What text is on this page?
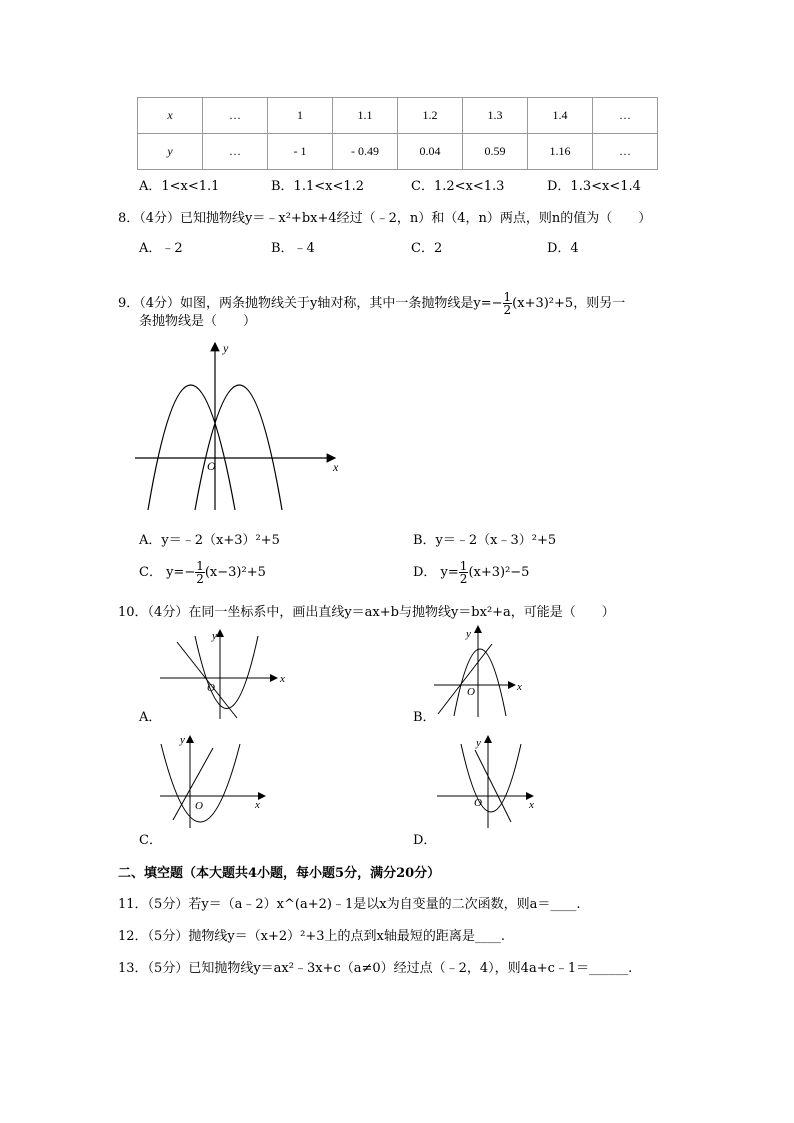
x	…	1	1.1	1.2	1.3	1.4	…
y	…	- 1	- 0.49	0.04	0.59	1.16	…
A．1<x<1.1	B．1.1<x<1.2	C．1.2<x<1.3	D．1.3<x<1.4
8．（4分）已知抛物线y＝﹣x²+bx+4经过（﹣2，n）和（4，n）两点，则n的值为（　　）
A．﹣2	B．﹣4	C．2	D．4
9．（4分）如图，两条抛物线关于y轴对称，其中一条抛物线是$y=- \frac{1}{2} (x+3)^2+5$，则另一
条抛物线是（　　）
y
x
O
A．y＝﹣2（x+3）²+5	B．y＝﹣2（x﹣3）²+5
C． $y=- \frac{1}{2} (x-3)^2+5$	D． $y= \frac{1}{2} (x+3)^2-5$
10．（4分）在同一坐标系中，画出直线y＝ax+b与抛物线y＝bx²+a，可能是（　　）
y
x
O
A．
y
x
O
B．
y
x
O
C．
y
x
O
D．
二、填空题（本大题共4小题，每小题5分，满分20分）
11．（5分）若y＝（a﹣2）x^(a+2)﹣1是以x为自变量的二次函数，则a＝____.
12．（5分）抛物线y＝（x+2）²+3上的点到x轴最短的距离是____.
13．（5分）已知抛物线y＝ax²﹣3x+c（a≠0）经过点（﹣2，4），则4a+c﹣1＝______.
